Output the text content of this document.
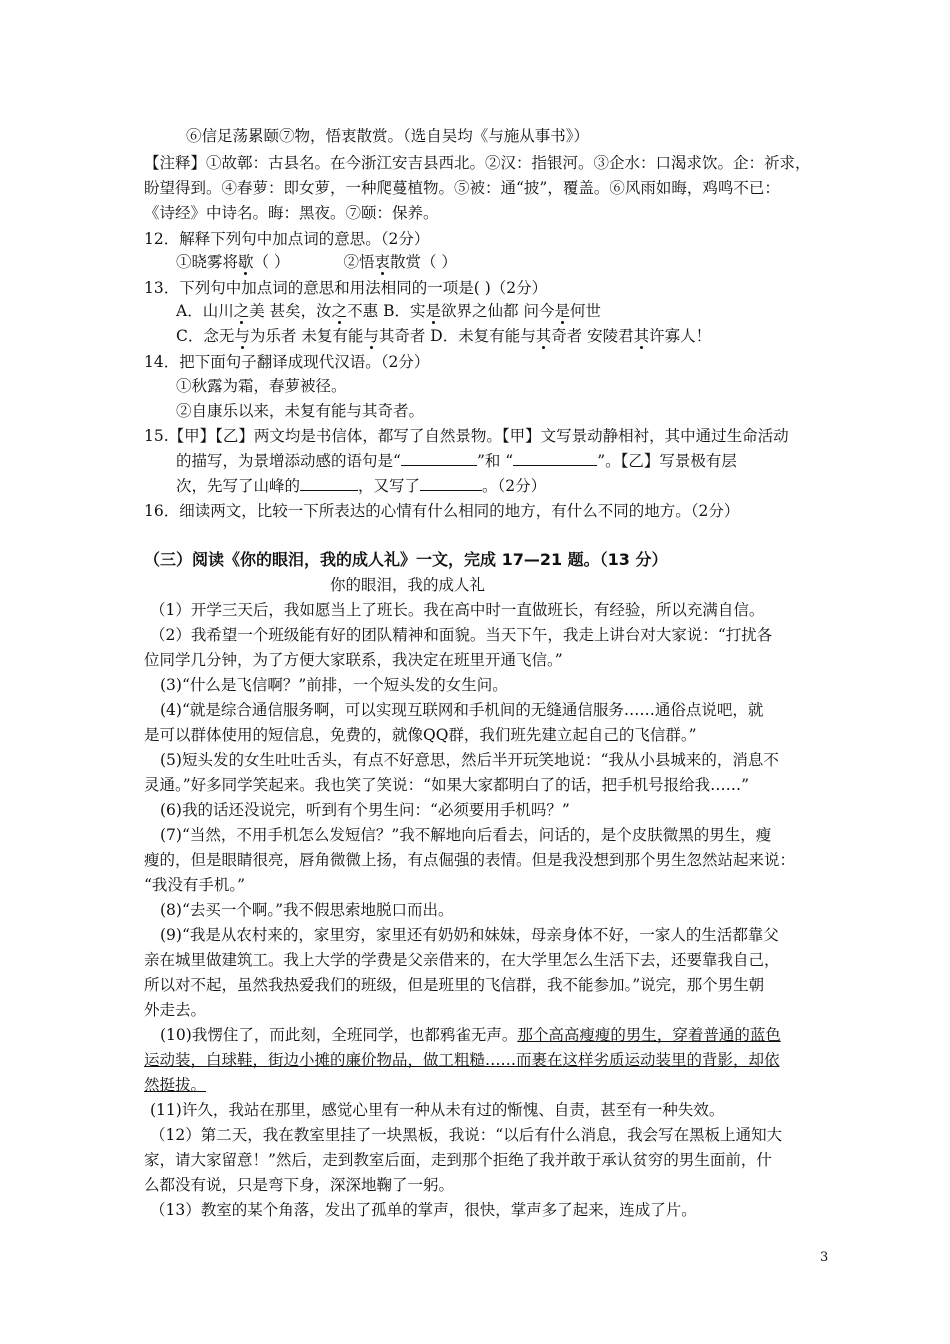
⑥信足荡累颐⑦物，悟衷散赏。（选自吴均《与施从事书》）
【注释】①故鄣：古县名。在今浙江安吉县西北。②汉：指银河。③企水：口渴求饮。企：祈求，
盼望得到。④春萝：即女萝，一种爬蔓植物。⑤被：通“披”，覆盖。⑥风雨如晦，鸡鸣不已：
《诗经》中诗名。晦：黑夜。⑦颐：保养。
12．解释下列句中加点词的意思。（2分）
①晓雾将歇（ ）	②悟衷散赏（ ）
13．下列句中加点词的意思和用法相同的一项是( )（2分）
A．山川之美 甚矣，汝之不惠 B．实是欲界之仙都 问今是何世
C．念无与为乐者 未复有能与其奇者 D．未复有能与其奇者 安陵君其许寡人！
14．把下面句子翻译成现代汉语。（2分）
①秋露为霜，春萝被径。
②自康乐以来，未复有能与其奇者。
15.【甲】【乙】两文均是书信体，都写了自然景物。【甲】文写景动静相衬，其中通过生命活动
的描写，为景增添动感的语句是“	”和 “	”。【乙】写景极有层
次，先写了山峰的	，又写了	。（2分）
16．细读两文，比较一下所表达的心情有什么相同的地方，有什么不同的地方。（2分）
（三）阅读《你的眼泪，我的成人礼》一文，完成 17—21 题。（13 分）
你的眼泪，我的成人礼
（1）开学三天后，我如愿当上了班长。我在高中时一直做班长，有经验，所以充满自信。
（2）我希望一个班级能有好的团队精神和面貌。当天下午，我走上讲台对大家说：“打扰各
位同学几分钟，为了方便大家联系，我决定在班里开通飞信。”
(3)“什么是飞信啊？”前排，一个短头发的女生问。
(4)“就是综合通信服务啊，可以实现互联网和手机间的无缝通信服务……通俗点说吧，就
是可以群体使用的短信息，免费的，就像QQ群，我们班先建立起自己的飞信群。”
(5)短头发的女生吐吐舌头，有点不好意思，然后半开玩笑地说：“我从小县城来的，消息不
灵通。”好多同学笑起来。我也笑了笑说：“如果大家都明白了的话，把手机号报给我……”
(6)我的话还没说完，听到有个男生问：“必须要用手机吗？”
(7)“当然，不用手机怎么发短信？”我不解地向后看去，问话的，是个皮肤微黑的男生，瘦
瘦的，但是眼睛很亮，唇角微微上扬，有点倔强的表情。但是我没想到那个男生忽然站起来说：
“我没有手机。”
(8)“去买一个啊。”我不假思索地脱口而出。
(9)“我是从农村来的，家里穷，家里还有奶奶和妹妹，母亲身体不好，一家人的生活都靠父
亲在城里做建筑工。我上大学的学费是父亲借来的，在大学里怎么生活下去，还要靠我自己，
所以对不起，虽然我热爱我们的班级，但是班里的飞信群，我不能参加。”说完，那个男生朝
外走去。
(10)我愣住了，而此刻，全班同学，也都鸦雀无声。那个高高瘦瘦的男生，穿着普通的蓝色
运动装，白球鞋，街边小摊的廉价物品，做工粗糙……而裹在这样劣质运动装里的背影，却依
然挺拔。
(11)许久，我站在那里，感觉心里有一种从未有过的惭愧、自责，甚至有一种失效。
（12）第二天，我在教室里挂了一块黑板，我说：“以后有什么消息，我会写在黑板上通知大
家，请大家留意！”然后，走到教室后面，走到那个拒绝了我并敢于承认贫穷的男生面前，什
么都没有说，只是弯下身，深深地鞠了一躬。
（13）教室的某个角落，发出了孤单的掌声，很快，掌声多了起来，连成了片。
3
